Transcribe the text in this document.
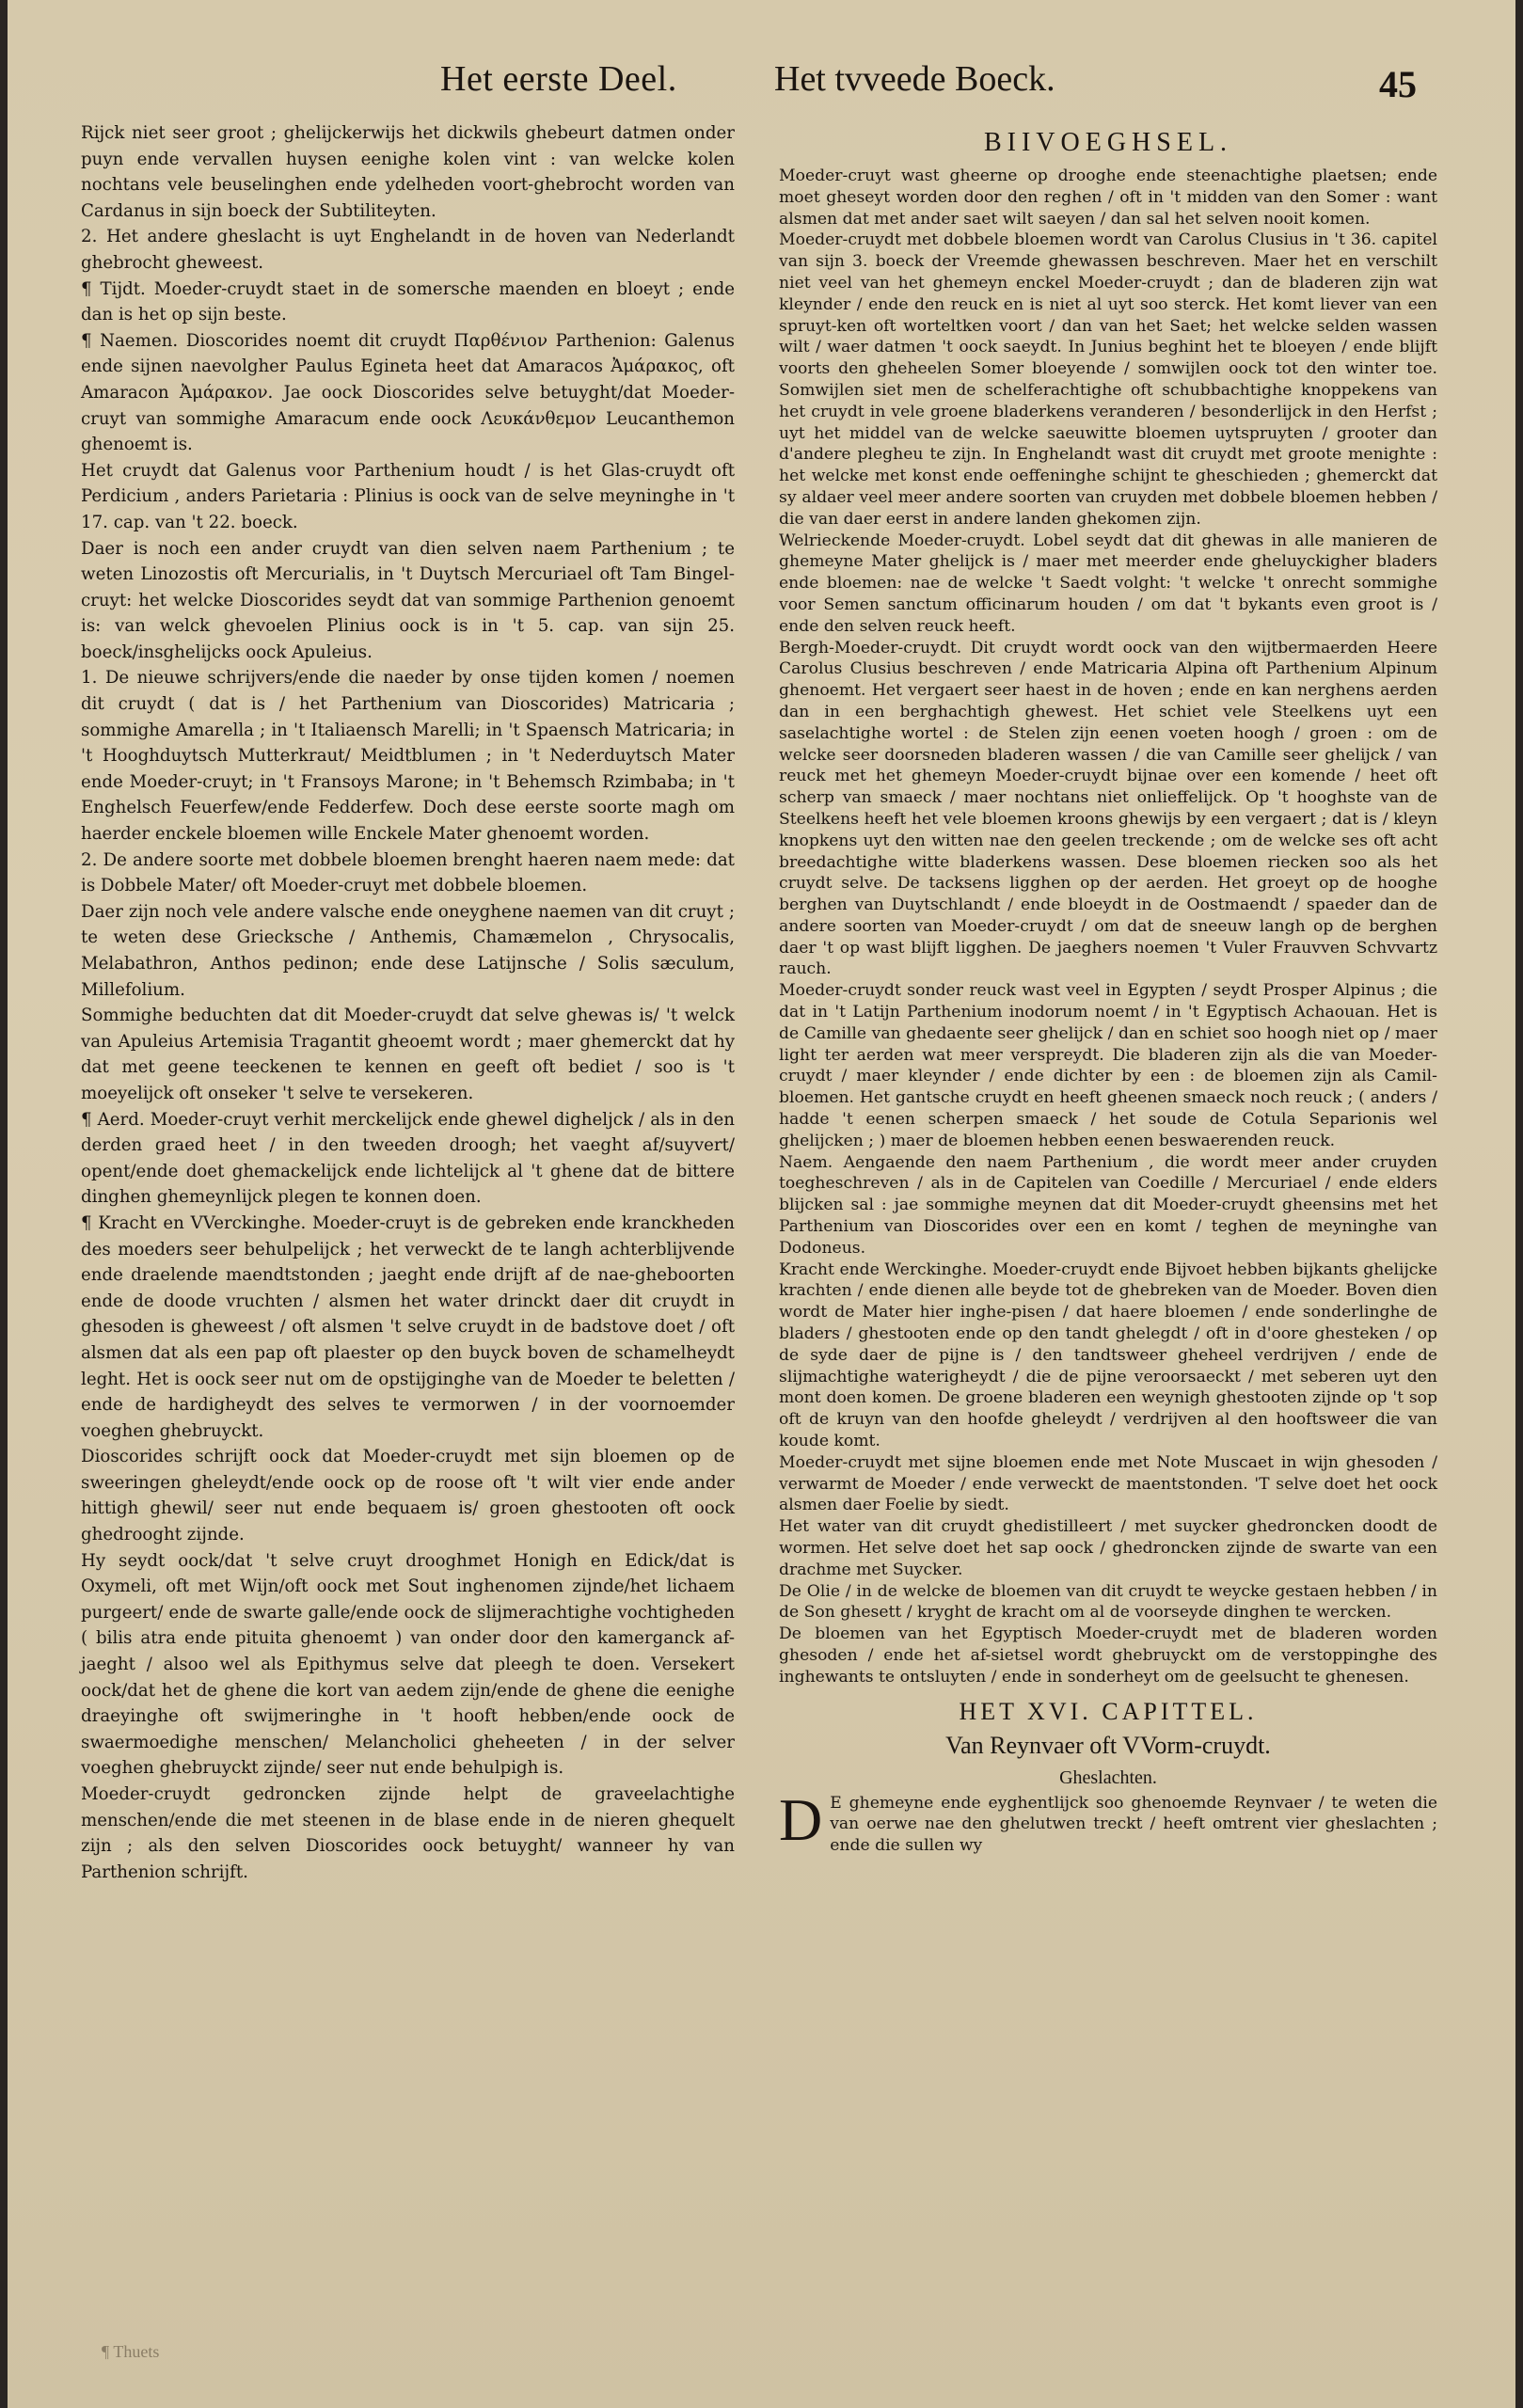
Het eerste Deel.	Het tvveede Boeck.	45

Rijck niet seer groot ; ghelijckerwijs het dickwils ghebeurt datmen onder puyn ende vervallen huysen eenighe kolen vint : van welcke kolen nochtans vele beuselinghen ende ydelheden voort-ghebrocht worden van Cardanus in sijn boeck der Subtiliteyten.

2. Het andere gheslacht is uyt Enghelandt in de hoven van Nederlandt ghebrocht gheweest.

¶ Tijdt. Moeder-cruydt staet in de somersche maenden en bloeyt ; ende dan is het op sijn beste.

¶ Naemen. Dioscorides noemt dit cruydt Παρθένιον Parthenion: Galenus ende sijnen naevolgher Paulus Egineta heet dat Amaracos Ἀμάρακος, oft Amaracon Ἀμάρακον. Jae oock Dioscorides selve betuyght/dat Moeder-cruyt van sommighe Amaracum ende oock Λευκάνθεμον Leucanthemon ghenoemt is.

Het cruydt dat Galenus voor Parthenium houdt / is het Glas-cruydt oft Perdicium , anders Parietaria : Plinius is oock van de selve meyninghe in 't 17. cap. van 't 22. boeck.

Daer is noch een ander cruydt van dien selven naem Parthenium ; te weten Linozostis oft Mercurialis, in 't Duytsch Mercuriael oft Tam Bingel-cruyt: het welcke Dioscorides seydt dat van sommige Parthenion genoemt is: van welck ghevoelen Plinius oock is in 't 5. cap. van sijn 25. boeck/insghelijcks oock Apuleius.

1. De nieuwe schrijvers/ende die naeder by onse tijden komen / noemen dit cruydt ( dat is / het Parthenium van Dioscorides) Matricaria ; sommighe Amarella ; in 't Italiaensch Marelli; in 't Spaensch Matricaria; in 't Hooghduytsch Mutterkraut/ Meidtblumen ; in 't Nederduytsch Mater ende Moeder-cruyt; in 't Fransoys Marone; in 't Behemsch Rzimbaba; in 't Enghelsch Feuerfew/ende Fedderfew. Doch dese eerste soorte magh om haerder enckele bloemen wille Enckele Mater ghenoemt worden.

2. De andere soorte met dobbele bloemen brenght haeren naem mede: dat is Dobbele Mater/ oft Moeder-cruyt met dobbele bloemen.

Daer zijn noch vele andere valsche ende oneyghene naemen van dit cruyt ; te weten dese Griecksche / Anthemis, Chamæmelon , Chrysocalis, Melabathron, Anthos pedinon; ende dese Latijnsche / Solis sæculum, Millefolium.

Sommighe beduchten dat dit Moeder-cruydt dat selve ghewas is/ 't welck van Apuleius Artemisia Tragantit gheoemt wordt ; maer ghemerckt dat hy dat met geene teeckenen te kennen en geeft oft bediet / soo is 't moeyelijck oft onseker 't selve te versekeren.

¶ Aerd. Moeder-cruyt verhit merckelijck ende ghewel digheljck / als in den derden graed heet / in den tweeden droogh; het vaeght af/suyvert/ opent/ende doet ghemackelijck ende lichtelijck al 't ghene dat de bittere dinghen ghemeynlijck plegen te konnen doen.

¶ Kracht en VVerckinghe. Moeder-cruyt is de gebreken ende kranckheden des moeders seer behulpelijck ; het verweckt de te langh achterblijvende ende draelende maendtstonden ; jaeght ende drijft af de nae-gheboorten ende de doode vruchten / alsmen het water drinckt daer dit cruydt in ghesoden is gheweest / oft alsmen 't selve cruydt in de badstove doet / oft alsmen dat als een pap oft plaester op den buyck boven de schamelheydt leght. Het is oock seer nut om de opstijginghe van de Moeder te beletten / ende de hardigheydt des selves te vermorwen / in der voornoemder voeghen ghebruyckt.

Dioscorides schrijft oock dat Moeder-cruydt met sijn bloemen op de sweeringen gheleydt/ende oock op de roose oft 't wilt vier ende ander hittigh ghewil/ seer nut ende bequaem is/ groen ghestooten oft oock ghedrooght zijnde.

Hy seydt oock/dat 't selve cruyt drooghmet Honigh en Edick/dat is Oxymeli, oft met Wijn/oft oock met Sout inghenomen zijnde/het lichaem purgeert/ ende de swarte galle/ende oock de slijmerachtighe vochtigheden ( bilis atra ende pituita ghenoemt ) van onder door den kamerganck af-jaeght / alsoo wel als Epithymus selve dat pleegh te doen. Versekert oock/dat het de ghene die kort van aedem zijn/ende de ghene die eenighe draeyinghe oft swijmeringhe in 't hooft hebben/ende oock de swaermoedighe menschen/ Melancholici gheheeten / in der selver voeghen ghebruyckt zijnde/ seer nut ende behulpigh is.

Moeder-cruydt gedroncken zijnde helpt de graveelachtighe menschen/ende die met steenen in de blase ende in de nieren ghequelt zijn ; als den selven Dioscorides oock betuyght/ wanneer hy van Parthenion schrijft.

BIIVOEGHSEL.

Moeder-cruyt wast gheerne op drooghe ende steenachtighe plaetsen; ende moet gheseyt worden door den reghen / oft in 't midden van den Somer : want alsmen dat met ander saet wilt saeyen / dan sal het selven nooit komen.

Moeder-cruydt met dobbele bloemen wordt van Carolus Clusius in 't 36. capitel van sijn 3. boeck der Vreemde ghewassen beschreven. Maer het en verschilt niet veel van het ghemeyn enckel Moeder-cruydt ; dan de bladeren zijn wat kleynder / ende den reuck en is niet al uyt soo sterck. Het komt liever van een spruyt-ken oft worteltken voort / dan van het Saet; het welcke selden wassen wilt / waer datmen 't oock saeydt. In Junius beghint het te bloeyen / ende blijft voorts den gheheelen Somer bloeyende / somwijlen oock tot den winter toe. Somwijlen siet men de schelferachtighe oft schubbachtighe knoppekens van het cruydt in vele groene bladerkens veranderen / besonderlijck in den Herfst ; uyt het middel van de welcke saeuwitte bloemen uytspruyten / grooter dan d'andere plegheu te zijn. In Enghelandt wast dit cruydt met groote menighte : het welcke met konst ende oeffeninghe schijnt te gheschieden ; ghemerckt dat sy aldaer veel meer andere soorten van cruyden met dobbele bloemen hebben / die van daer eerst in andere landen ghekomen zijn.

Welrieckende Moeder-cruydt. Lobel seydt dat dit ghewas in alle manieren de ghemeyne Mater ghelijck is / maer met meerder ende gheluyckigher bladers ende bloemen: nae de welcke 't Saedt volght: 't welcke 't onrecht sommighe voor Semen sanctum officinarum houden / om dat 't bykants even groot is / ende den selven reuck heeft.

Bergh-Moeder-cruydt. Dit cruydt wordt oock van den wijtbermaerden Heere Carolus Clusius beschreven / ende Matricaria Alpina oft Parthenium Alpinum ghenoemt. Het vergaert seer haest in de hoven ; ende en kan nerghens aerden dan in een berghachtigh ghewest. Het schiet vele Steelkens uyt een saselachtighe wortel : de Stelen zijn eenen voeten hoogh / groen : om de welcke seer doorsneden bladeren wassen / die van Camille seer ghelijck / van reuck met het ghemeyn Moeder-cruydt bijnae over een komende / heet oft scherp van smaeck / maer nochtans niet onlieffelijck. Op 't hooghste van de Steelkens heeft het vele bloemen kroons ghewijs by een vergaert ; dat is / kleyn knopkens uyt den witten nae den geelen treckende ; om de welcke ses oft acht breedachtighe witte bladerkens wassen. Dese bloemen riecken soo als het cruydt selve. De tacksens ligghen op der aerden. Het groeyt op de hooghe berghen van Duytschlandt / ende bloeydt in de Oostmaendt / spaeder dan de andere soorten van Moeder-cruydt / om dat de sneeuw langh op de berghen daer 't op wast blijft ligghen. De jaeghers noemen 't Vuler Frauvven Schvvartz rauch.

Moeder-cruydt sonder reuck wast veel in Egypten / seydt Prosper Alpinus ; die dat in 't Latijn Parthenium inodorum noemt / in 't Egyptisch Achaouan. Het is de Camille van ghedaente seer ghelijck / dan en schiet soo hoogh niet op / maer light ter aerden wat meer verspreydt. Die bladeren zijn als die van Moeder-cruydt / maer kleynder / ende dichter by een : de bloemen zijn als Camil-bloemen. Het gantsche cruydt en heeft gheenen smaeck noch reuck ; ( anders / hadde 't eenen scherpen smaeck / het soude de Cotula Separionis wel ghelijcken ; ) maer de bloemen hebben eenen beswaerenden reuck.

Naem. Aengaende den naem Parthenium , die wordt meer ander cruyden toegheschreven / als in de Capitelen van Coedille / Mercuriael / ende elders blijcken sal : jae sommighe meynen dat dit Moeder-cruydt gheensins met het Parthenium van Dioscorides over een en komt / teghen de meyninghe van Dodoneus.

Kracht ende Werckinghe. Moeder-cruydt ende Bijvoet hebben bijkants ghelijcke krachten / ende dienen alle beyde tot de ghebreken van de Moeder. Boven dien wordt de Mater hier inghe-pisen / dat haere bloemen / ende sonderlinghe de bladers / ghestooten ende op den tandt ghelegdt / oft in d'oore ghesteken / op de syde daer de pijne is / den tandtsweer gheheel verdrijven / ende de slijmachtighe waterigheydt / die de pijne veroorsaeckt / met seberen uyt den mont doen komen. De groene bladeren een weynigh ghestooten zijnde op 't sop oft de kruyn van den hoofde gheleydt / verdrijven al den hooftsweer die van koude komt.

Moeder-cruydt met sijne bloemen ende met Note Muscaet in wijn ghesoden / verwarmt de Moeder / ende verweckt de maentstonden. 'T selve doet het oock alsmen daer Foelie by siedt.

Het water van dit cruydt ghedistilleert / met suycker ghedroncken doodt de wormen. Het selve doet het sap oock / ghedroncken zijnde de swarte van een drachme met Suycker.

De Olie / in de welcke de bloemen van dit cruydt te weycke gestaen hebben / in de Son ghesett / kryght de kracht om al de voorseyde dinghen te wercken.

De bloemen van het Egyptisch Moeder-cruydt met de bladeren worden ghesoden / ende het af-sietsel wordt ghebruyckt om de verstoppinghe des inghewants te ontsluyten / ende in sonderheyt om de geelsucht te ghenesen.

HET XVI. CAPITTEL.
Van Reynvaer oft VVorm-cruydt.
Gheslachten.

D E ghemeyne ende eyghentlijck soo ghenoemde Reynvaer / te weten die van oerwe nae den ghelutwen treckt / heeft omtrent vier gheslachten ; ende die sullen wy

¶ Thuets
